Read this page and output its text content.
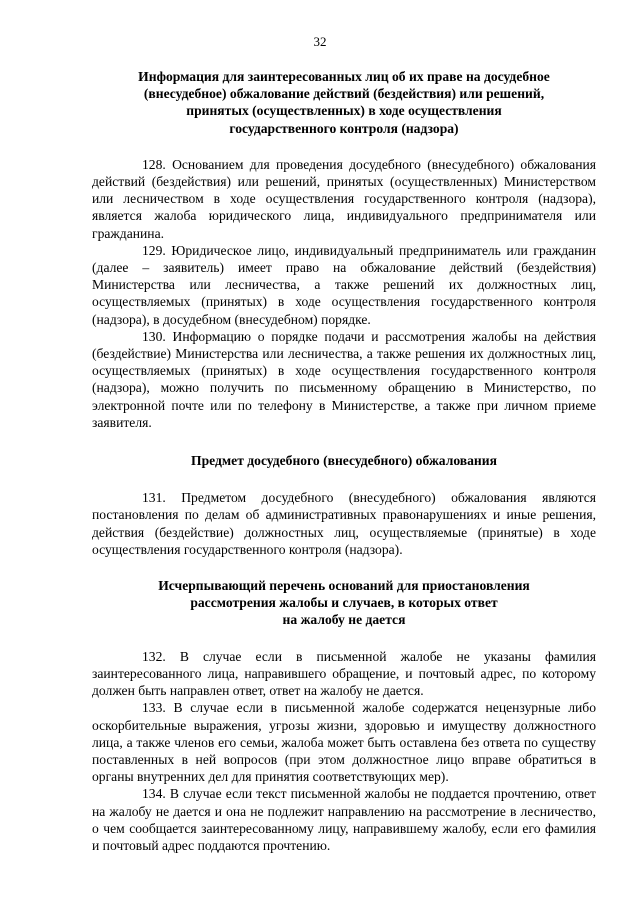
32
Информация для заинтересованных лиц об их праве на досудебное
(внесудебное) обжалование действий (бездействия) или решений,
принятых (осуществленных) в ходе осуществления
государственного контроля (надзора)

128. Основанием для проведения досудебного (внесудебного) обжалования действий (бездействия) или решений, принятых (осуществленных) Министерством или лесничеством в ходе осуществления государственного контроля (надзора), является жалоба юридического лица, индивидуального предпринимателя или гражданина.

129. Юридическое лицо, индивидуальный предприниматель или гражданин (далее – заявитель) имеет право на обжалование действий (бездействия) Министерства или лесничества, а также решений их должностных лиц, осуществляемых (принятых) в ходе осуществления государственного контроля (надзора), в досудебном (внесудебном) порядке.

130. Информацию о порядке подачи и рассмотрения жалобы на действия (бездействие) Министерства или лесничества, а также решения их должностных лиц, осуществляемых (принятых) в ходе осуществления государственного контроля (надзора), можно получить по письменному обращению в Министерство, по электронной почте или по телефону в Министерстве, а также при личном приеме заявителя.

Предмет досудебного (внесудебного) обжалования

131. Предметом досудебного (внесудебного) обжалования являются постановления по делам об административных правонарушениях и иные решения, действия (бездействие) должностных лиц, осуществляемые (принятые) в ходе осуществления государственного контроля (надзора).

Исчерпывающий перечень оснований для приостановления
рассмотрения жалобы и случаев, в которых ответ
на жалобу не дается

132. В случае если в письменной жалобе не указаны фамилия заинтересованного лица, направившего обращение, и почтовый адрес, по которому должен быть направлен ответ, ответ на жалобу не дается.

133. В случае если в письменной жалобе содержатся нецензурные либо оскорбительные выражения, угрозы жизни, здоровью и имуществу должностного лица, а также членов его семьи, жалоба может быть оставлена без ответа по существу поставленных в ней вопросов (при этом должностное лицо вправе обратиться в органы внутренних дел для принятия соответствующих мер).

134. В случае если текст письменной жалобы не поддается прочтению, ответ на жалобу не дается и она не подлежит направлению на рассмотрение в лесничество, о чем сообщается заинтересованному лицу, направившему жалобу, если его фамилия и почтовый адрес поддаются прочтению.
